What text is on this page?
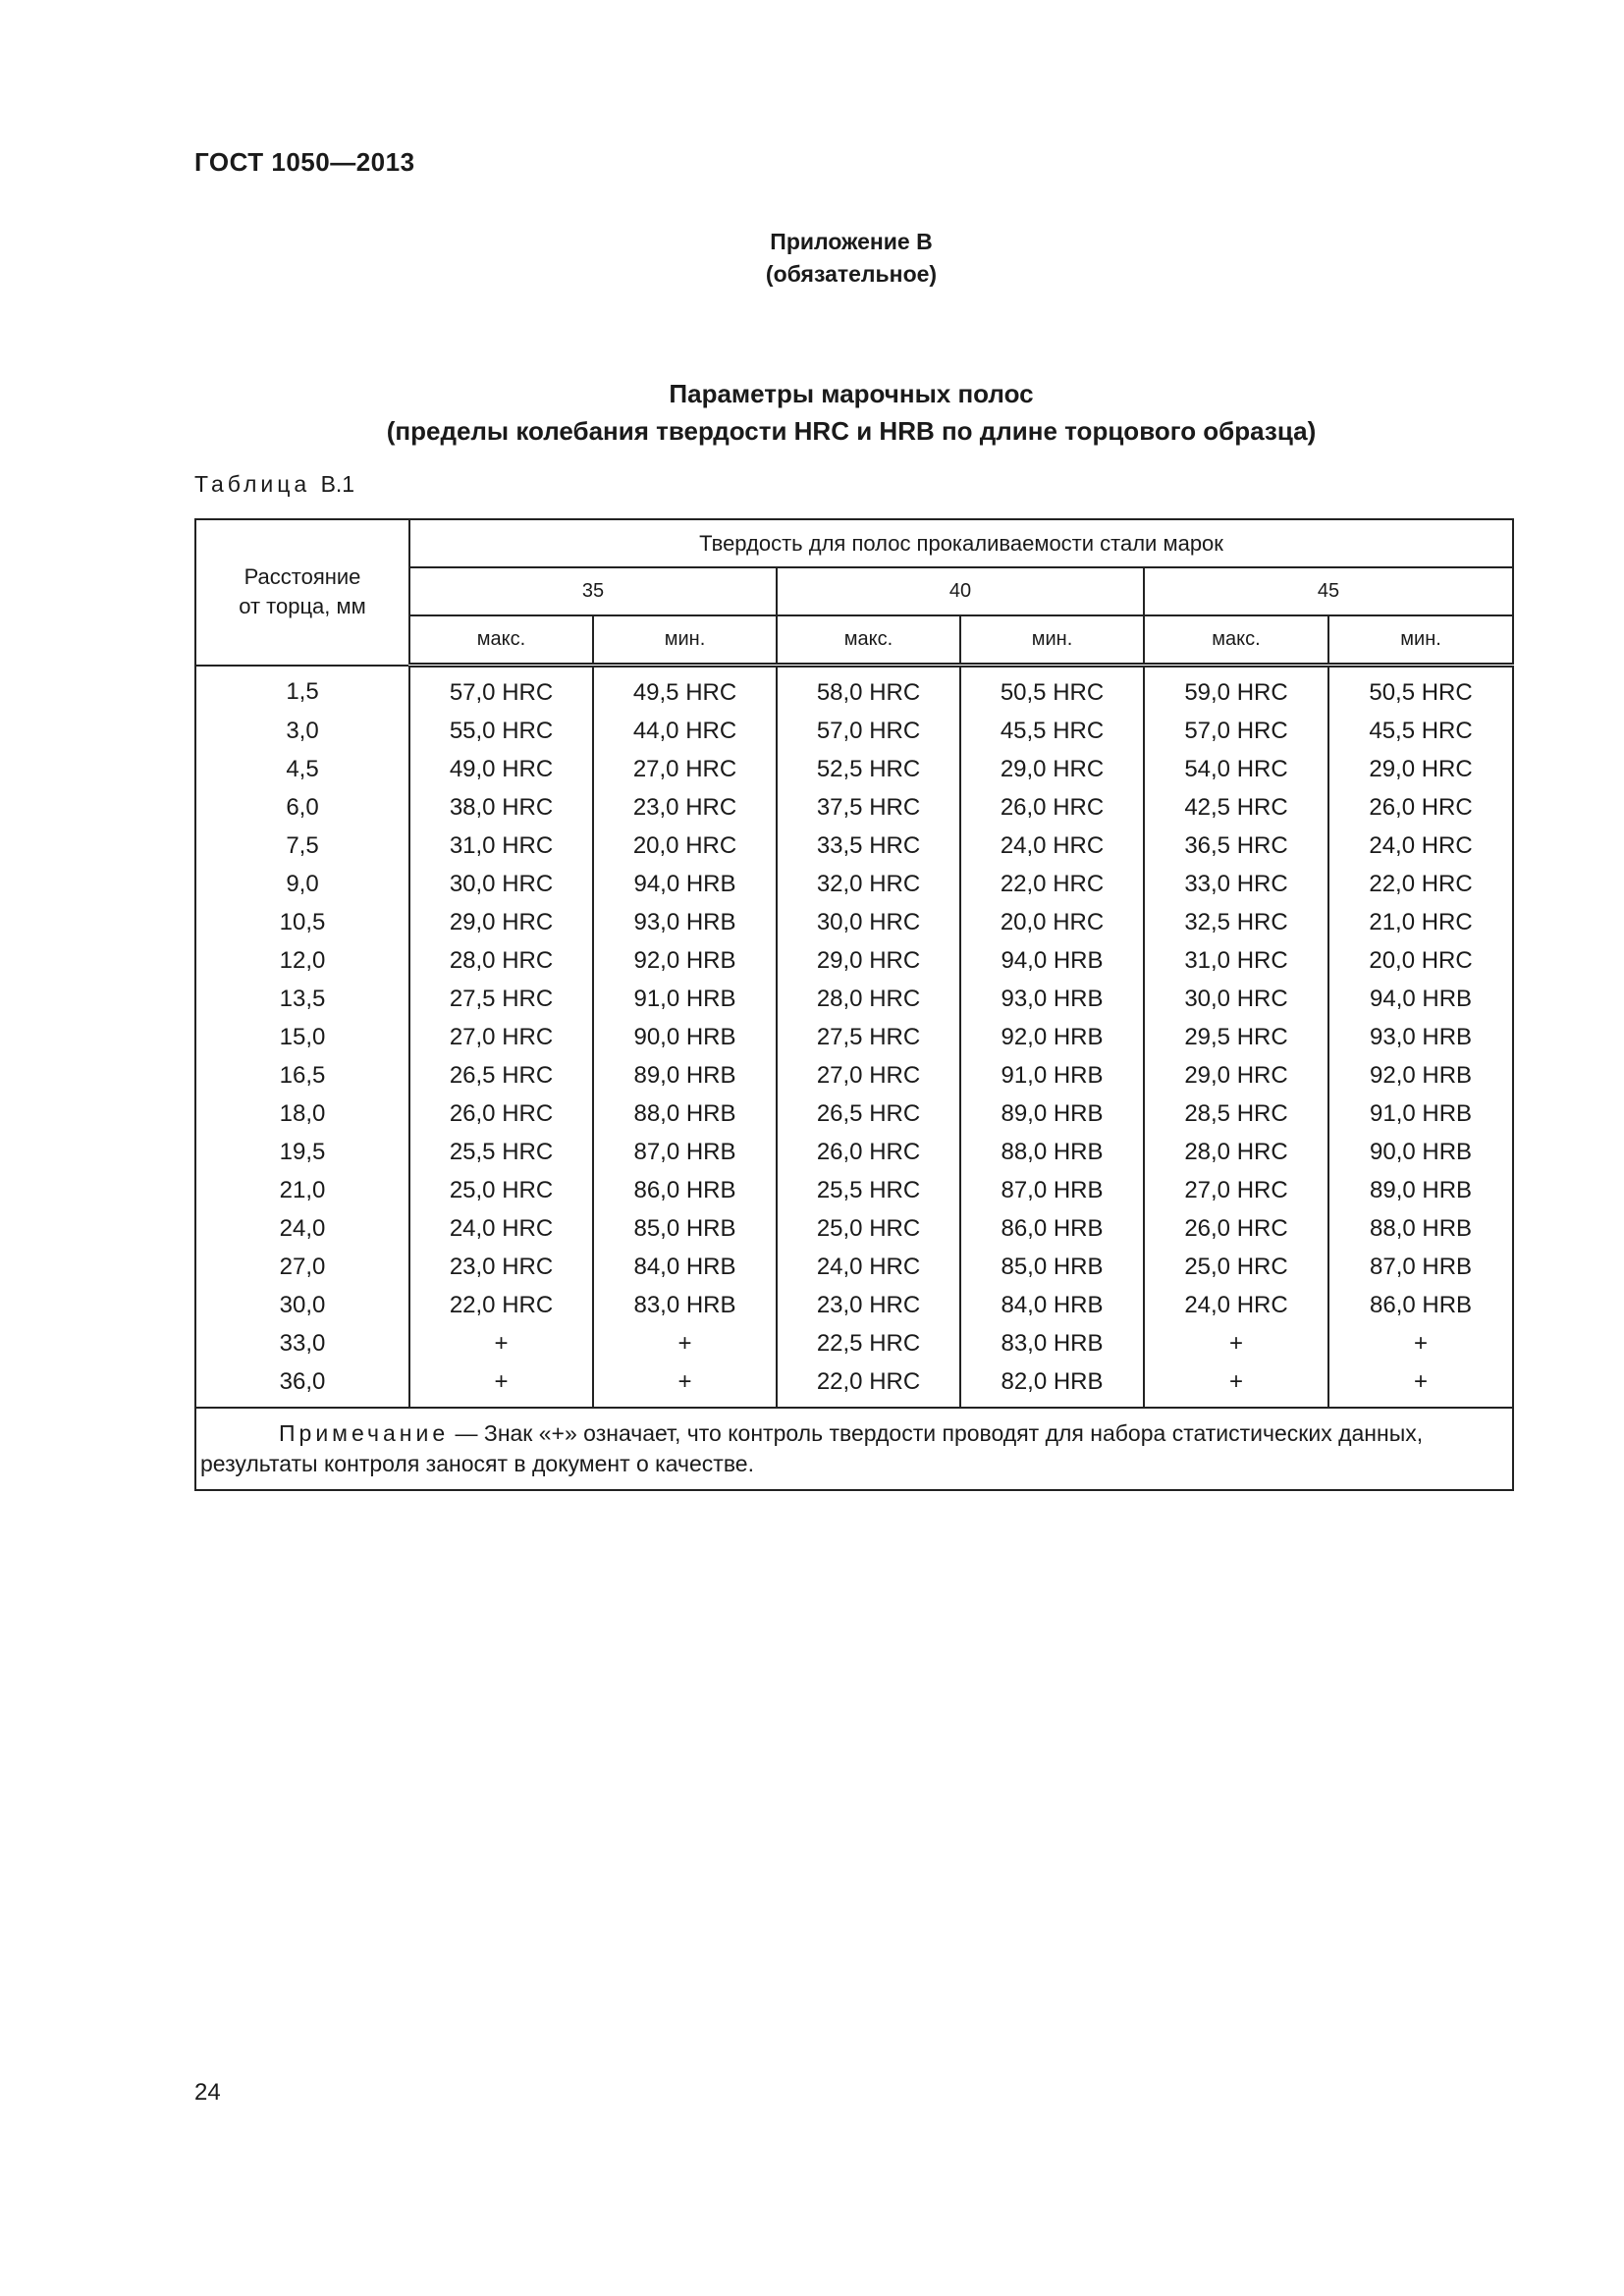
ГОСТ 1050—2013
Приложение В
(обязательное)
Параметры марочных полос
(пределы колебания твердости HRC и HRB по длине торцового образца)
Таблица В.1
Расстояние
от торца, мм	Твердость для полос прокаливаемости стали марок					
	35		40		45	
	макс.	мин.	макс.	мин.	макс.	мин.
1,5	57,0 HRC	49,5 HRC	58,0 HRC	50,5 HRC	59,0 HRC	50,5 HRC
3,0	55,0 HRC	44,0 HRC	57,0 HRC	45,5 HRC	57,0 HRC	45,5 HRC
4,5	49,0 HRC	27,0 HRC	52,5 HRC	29,0 HRC	54,0 HRC	29,0 HRC
6,0	38,0 HRC	23,0 HRC	37,5 HRC	26,0 HRC	42,5 HRC	26,0 HRC
7,5	31,0 HRC	20,0 HRC	33,5 HRC	24,0 HRC	36,5 HRC	24,0 HRC
9,0	30,0 HRC	94,0 HRB	32,0 HRC	22,0 HRC	33,0 HRC	22,0 HRC
10,5	29,0 HRC	93,0 HRB	30,0 HRC	20,0 HRC	32,5 HRC	21,0 HRC
12,0	28,0 HRC	92,0 HRB	29,0 HRC	94,0 HRB	31,0 HRC	20,0 HRC
13,5	27,5 HRC	91,0 HRB	28,0 HRC	93,0 HRB	30,0 HRC	94,0 HRB
15,0	27,0 HRC	90,0 HRB	27,5 HRC	92,0 HRB	29,5 HRC	93,0 HRB
16,5	26,5 HRC	89,0 HRB	27,0 HRC	91,0 HRB	29,0 HRC	92,0 HRB
18,0	26,0 HRC	88,0 HRB	26,5 HRC	89,0 HRB	28,5 HRC	91,0 HRB
19,5	25,5 HRC	87,0 HRB	26,0 HRC	88,0 HRB	28,0 HRC	90,0 HRB
21,0	25,0 HRC	86,0 HRB	25,5 HRC	87,0 HRB	27,0 HRC	89,0 HRB
24,0	24,0 HRC	85,0 HRB	25,0 HRC	86,0 HRB	26,0 HRC	88,0 HRB
27,0	23,0 HRC	84,0 HRB	24,0 HRC	85,0 HRB	25,0 HRC	87,0 HRB
30,0	22,0 HRC	83,0 HRB	23,0 HRC	84,0 HRB	24,0 HRC	86,0 HRB
33,0	+	+	22,5 HRC	83,0 HRB	+	+
36,0	+	+	22,0 HRC	82,0 HRB	+	+

Примечание — Знак «+» означает, что контроль твердости проводят для набора статистических данных, результаты контроля заносят в документ о качестве.						
24
